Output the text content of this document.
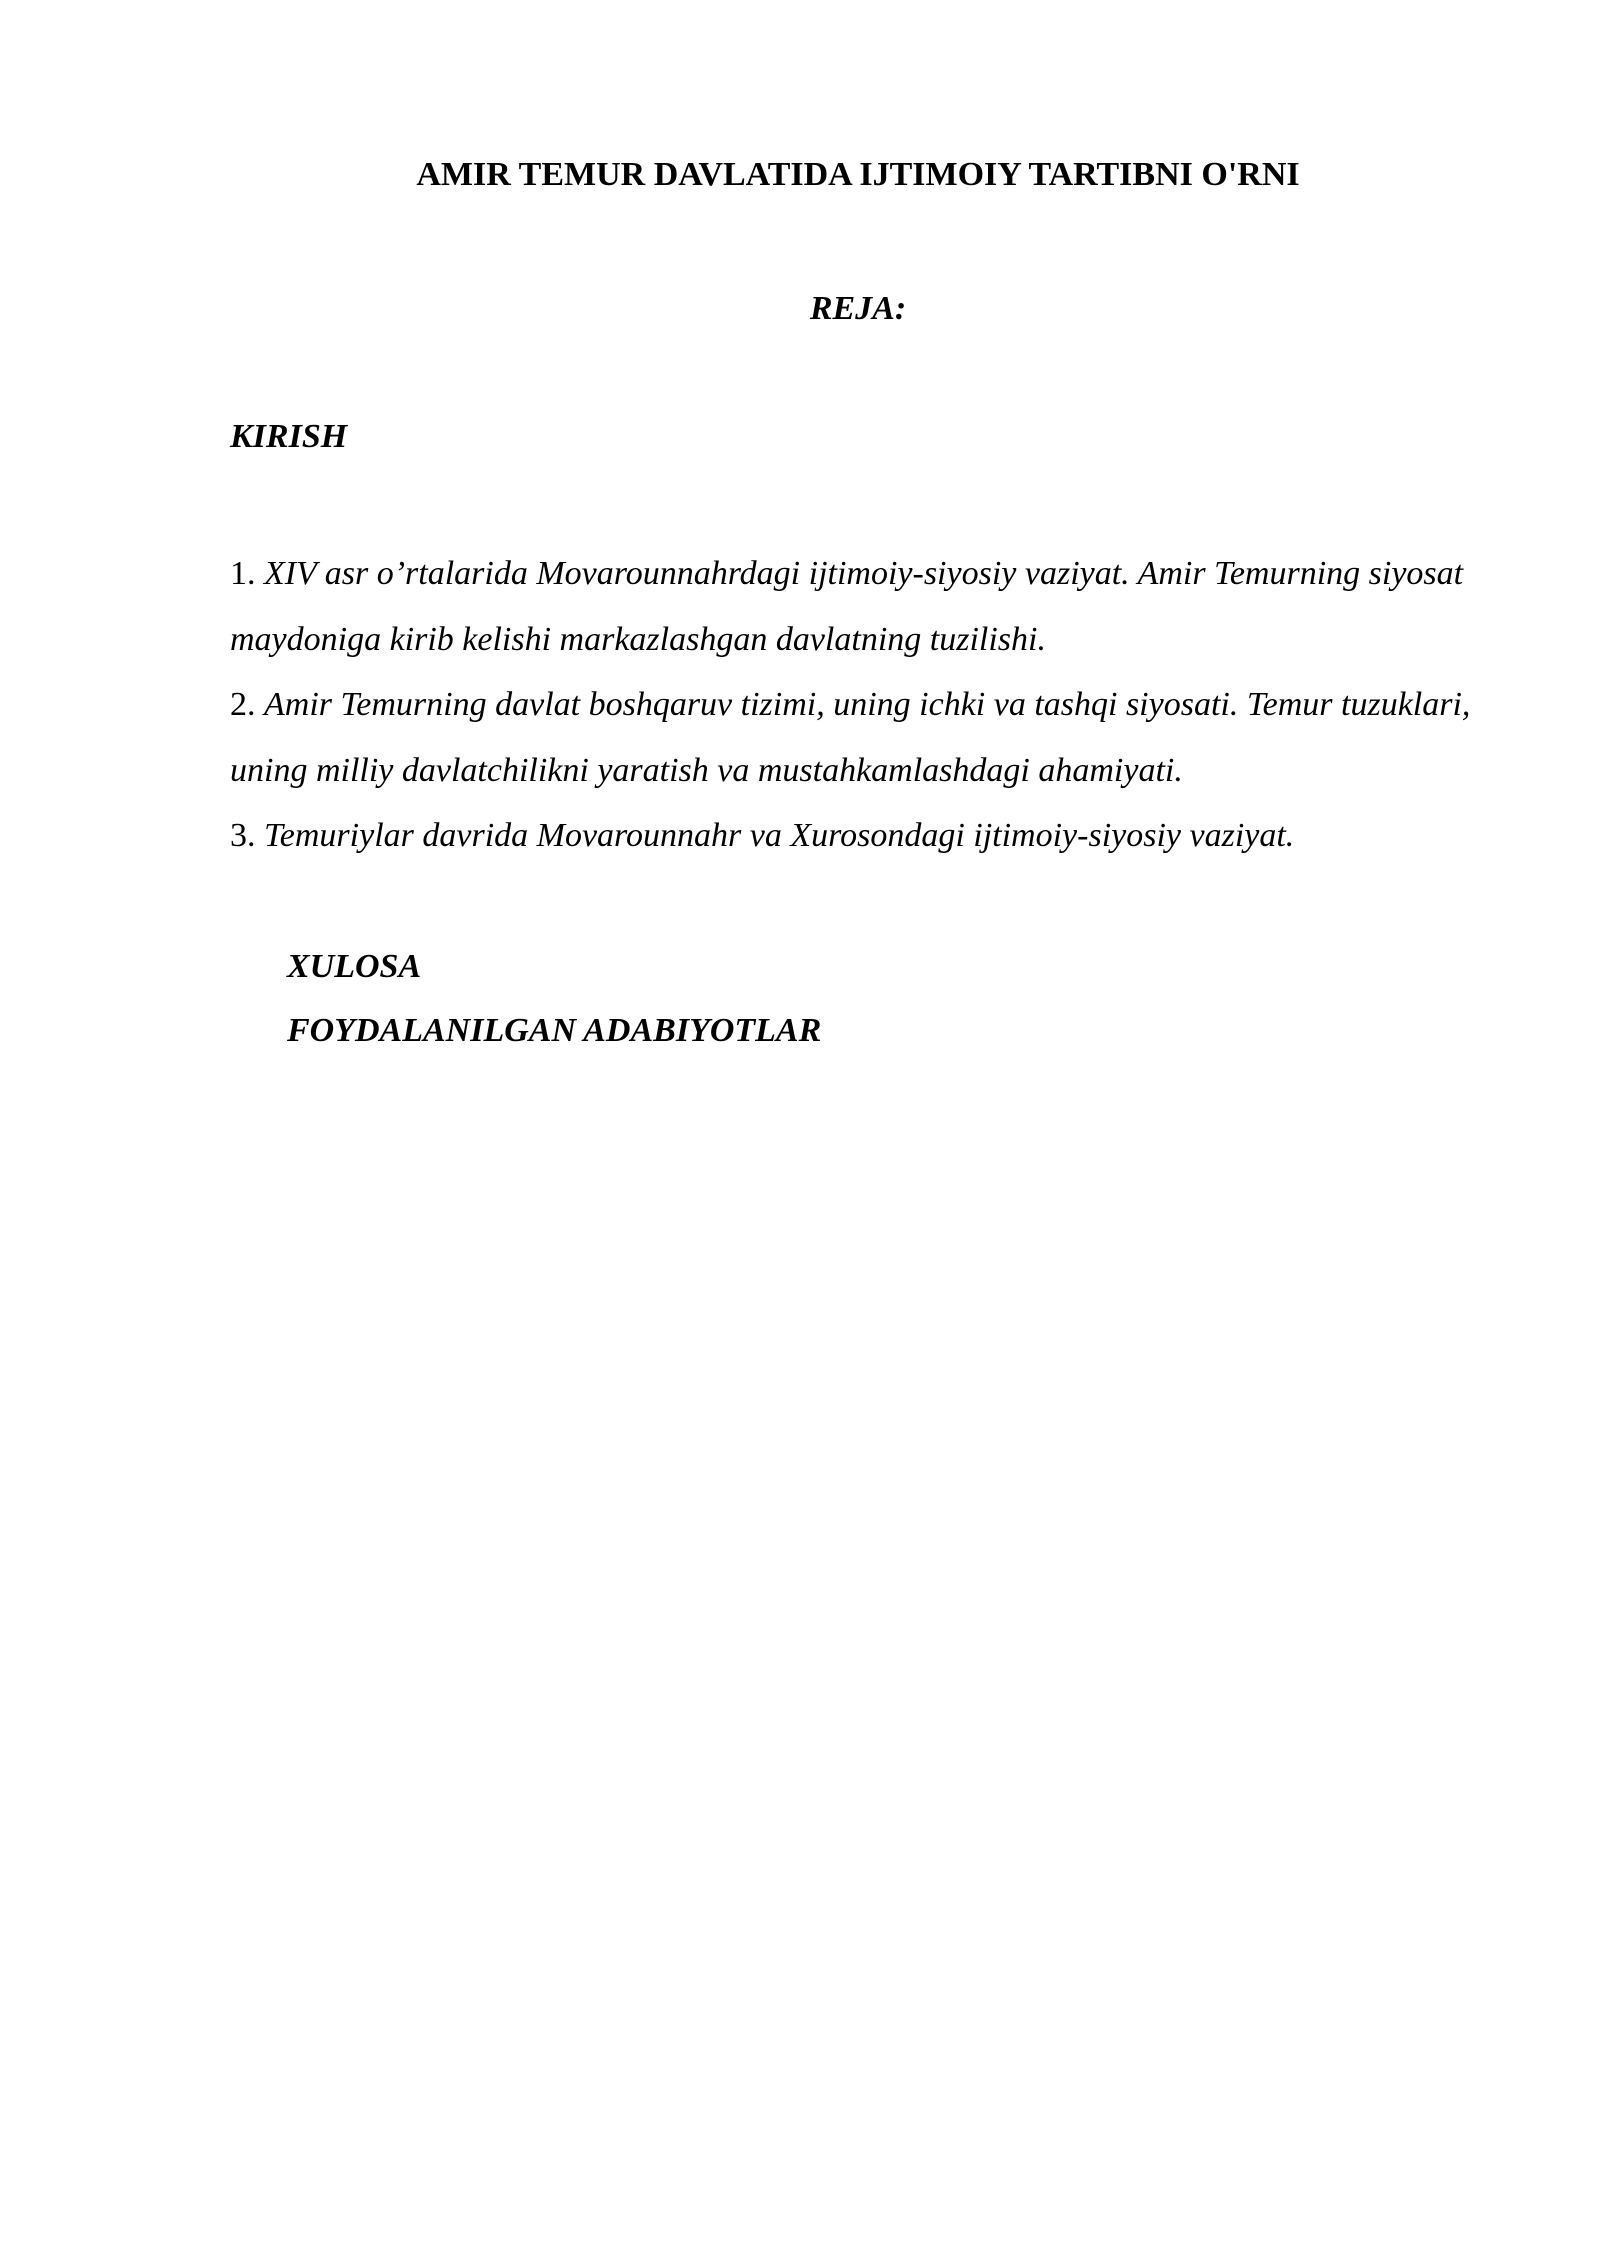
AMIR TEMUR DAVLATIDA IJTIMOIY TARTIBNI O'RNI
REJA:
KIRISH

1. XIV asr o’rtalarida Movarounnahrdagi ijtimoiy-siyosiy vaziyat. Amir Temurning siyosat maydoniga kirib kelishi markazlashgan davlatning tuzilishi.

2. Amir Temurning davlat boshqaruv tizimi, uning ichki va tashqi siyosati. Temur tuzuklari, uning milliy davlatchilikni yaratish va mustahkamlashdagi ahamiyati.

3. Temuriylar davrida Movarounnahr va Xurosondagi ijtimoiy-siyosiy vaziyat.

XULOSA
FOYDALANILGAN ADABIYOTLAR
